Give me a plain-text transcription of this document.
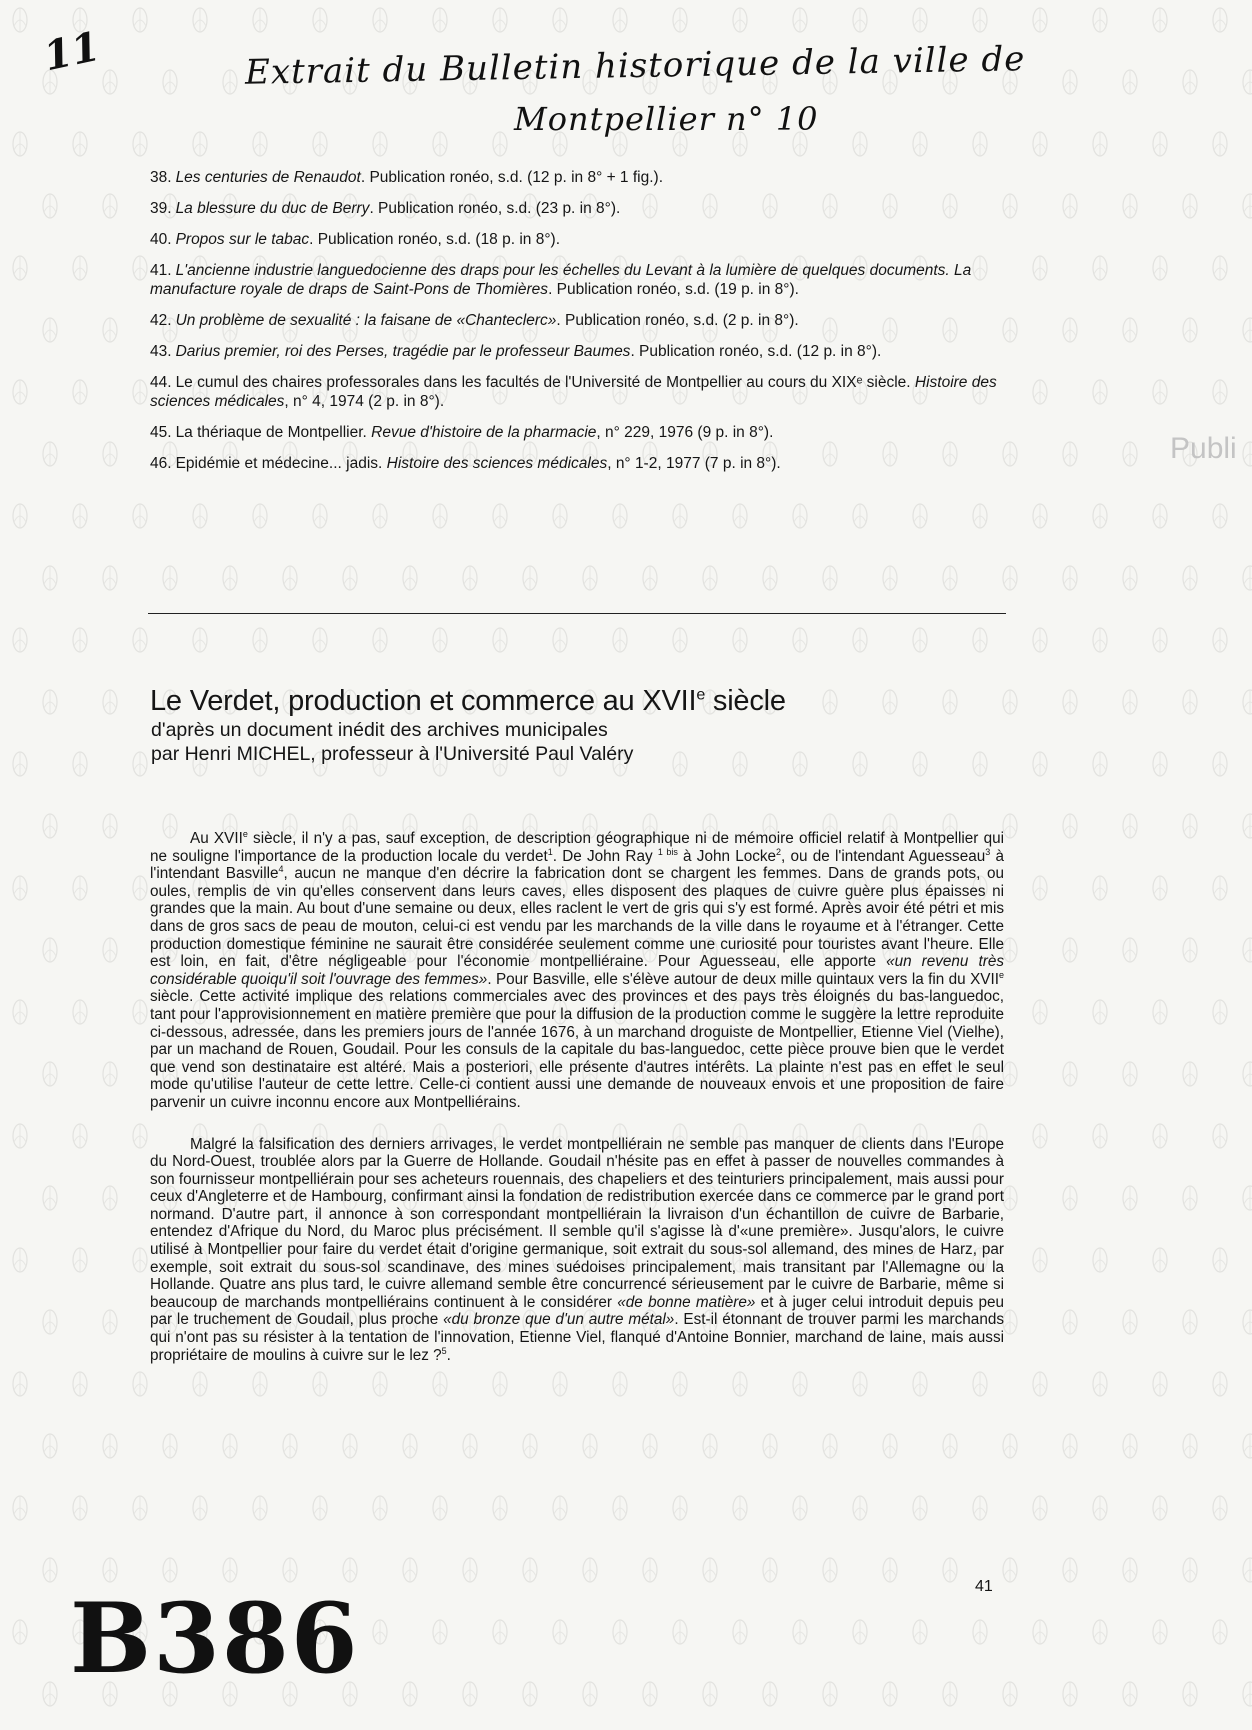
11	Extrait du Bulletin historique de la ville de
Montpellier n° 10
Publi
38. Les centuries de Renaudot. Publication ronéo, s.d. (12 p. in 8° + 1 fig.).
39. La blessure du duc de Berry. Publication ronéo, s.d. (23 p. in 8°).
40. Propos sur le tabac. Publication ronéo, s.d. (18 p. in 8°).
41. L'ancienne industrie languedocienne des draps pour les échelles du Levant à la lumière de quelques documents. La manufacture royale de draps de Saint-Pons de Thomières. Publication ronéo, s.d. (19 p. in 8°).
42. Un problème de sexualité : la faisane de «Chanteclerc». Publication ronéo, s.d. (2 p. in 8°).
43. Darius premier, roi des Perses, tragédie par le professeur Baumes. Publication ronéo, s.d. (12 p. in 8°).
44. Le cumul des chaires professorales dans les facultés de l'Université de Montpellier au cours du XIXᵉ siècle. Histoire des sciences médicales, n° 4, 1974 (2 p. in 8°).
45. La thériaque de Montpellier. Revue d'histoire de la pharmacie, n° 229, 1976 (9 p. in 8°).
46. Epidémie et médecine... jadis. Histoire des sciences médicales, n° 1-2, 1977 (7 p. in 8°).
Le Verdet, production et commerce au XVIIe siècle
d'après un document inédit des archives municipales
par Henri MICHEL, professeur à l'Université Paul Valéry

Au XVIIe siècle, il n'y a pas, sauf exception, de description géographique ni de mémoire officiel relatif à Montpellier qui ne souligne l'importance de la production locale du verdet$^1$. De John Ray $^{1 bis}$ à John Locke$^2$, ou de l'intendant Aguesseau$^3$ à l'intendant Basville$^4$, aucun ne manque d'en décrire la fabrication dont se chargent les femmes. Dans de grands pots, ou oules, remplis de vin qu'elles conservent dans leurs caves, elles disposent des plaques de cuivre guère plus épaisses ni grandes que la main. Au bout d'une semaine ou deux, elles raclent le vert de gris qui s'y est formé. Après avoir été pétri et mis dans de gros sacs de peau de mouton, celui-ci est vendu par les marchands de la ville dans le royaume et à l'étranger. Cette production domestique féminine ne saurait être considérée seulement comme une curiosité pour touristes avant l'heure. Elle est loin, en fait, d'être négligeable pour l'économie montpelliéraine. Pour Aguesseau, elle apporte «un revenu très considérable quoiqu'il soit l'ouvrage des femmes». Pour Basville, elle s'élève autour de deux mille quintaux vers la fin du XVIIe siècle. Cette activité implique des relations commerciales avec des provinces et des pays très éloignés du bas-languedoc, tant pour l'approvisionnement en matière première que pour la diffusion de la production comme le suggère la lettre reproduite ci-dessous, adressée, dans les premiers jours de l'année 1676, à un marchand droguiste de Montpellier, Etienne Viel (Vielhe), par un machand de Rouen, Goudail. Pour les consuls de la capitale du bas-languedoc, cette pièce prouve bien que le verdet que vend son destinataire est altéré. Mais a posteriori, elle présente d'autres intérêts. La plainte n'est pas en effet le seul mode qu'utilise l'auteur de cette lettre. Celle-ci contient aussi une demande de nouveaux envois et une proposition de faire parvenir un cuivre inconnu encore aux Montpelliérains.

Malgré la falsification des derniers arrivages, le verdet montpelliérain ne semble pas manquer de clients dans l'Europe du Nord-Ouest, troublée alors par la Guerre de Hollande. Goudail n'hésite pas en effet à passer de nouvelles commandes à son fournisseur montpelliérain pour ses acheteurs rouennais, des chapeliers et des teinturiers principalement, mais aussi pour ceux d'Angleterre et de Hambourg, confirmant ainsi la fondation de redistribution exercée dans ce commerce par le grand port normand. D'autre part, il annonce à son correspondant montpelliérain la livraison d'un échantillon de cuivre de Barbarie, entendez d'Afrique du Nord, du Maroc plus précisément. Il semble qu'il s'agisse là d'«une première». Jusqu'alors, le cuivre utilisé à Montpellier pour faire du verdet était d'origine germanique, soit extrait du sous-sol allemand, des mines de Harz, par exemple, soit extrait du sous-sol scandinave, des mines suédoises principalement, mais transitant par l'Allemagne ou la Hollande. Quatre ans plus tard, le cuivre allemand semble être concurrencé sérieusement par le cuivre de Barbarie, même si beaucoup de marchands montpelliérains continuent à le considérer «de bonne matière» et à juger celui introduit depuis peu par le truchement de Goudail, plus proche «du bronze que d'un autre métal». Est-il étonnant de trouver parmi les marchands qui n'ont pas su résister à la tentation de l'innovation, Etienne Viel, flanqué d'Antoine Bonnier, marchand de laine, mais aussi propriétaire de moulins à cuivre sur le lez ?$^5$.

41
B386
